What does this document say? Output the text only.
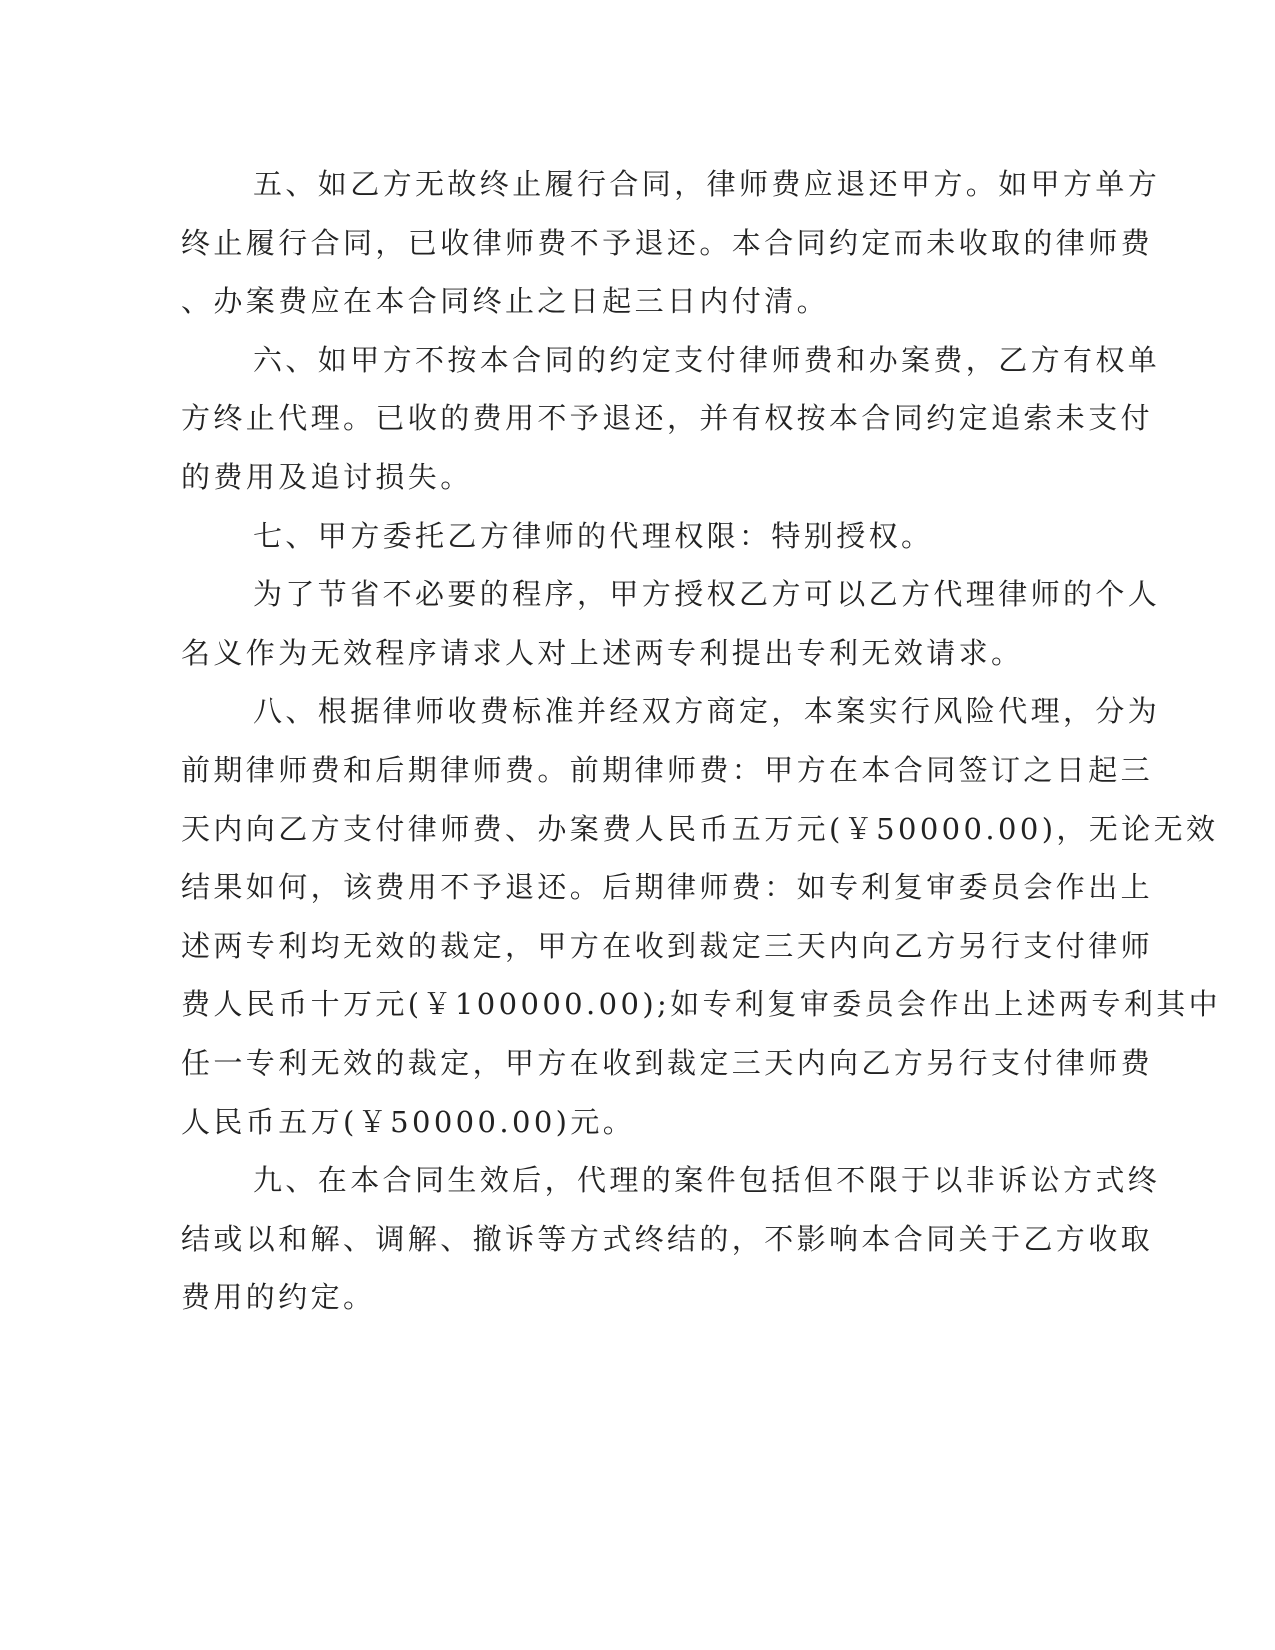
五、如乙方无故终止履行合同，律师费应退还甲方。如甲方单方
终止履行合同，已收律师费不予退还。本合同约定而未收取的律师费
、办案费应在本合同终止之日起三日内付清。
六、如甲方不按本合同的约定支付律师费和办案费，乙方有权单
方终止代理。已收的费用不予退还，并有权按本合同约定追索未支付
的费用及追讨损失。
七、甲方委托乙方律师的代理权限：特别授权。
为了节省不必要的程序，甲方授权乙方可以乙方代理律师的个人
名义作为无效程序请求人对上述两专利提出专利无效请求。
八、根据律师收费标准并经双方商定，本案实行风险代理，分为
前期律师费和后期律师费。前期律师费：甲方在本合同签订之日起三
天内向乙方支付律师费、办案费人民币五万元(￥50000.00)，无论无效
结果如何，该费用不予退还。后期律师费：如专利复审委员会作出上
述两专利均无效的裁定，甲方在收到裁定三天内向乙方另行支付律师
费人民币十万元(￥100000.00);如专利复审委员会作出上述两专利其中
任一专利无效的裁定，甲方在收到裁定三天内向乙方另行支付律师费
人民币五万(￥50000.00)元。
九、在本合同生效后，代理的案件包括但不限于以非诉讼方式终
结或以和解、调解、撤诉等方式终结的，不影响本合同关于乙方收取
费用的约定。
